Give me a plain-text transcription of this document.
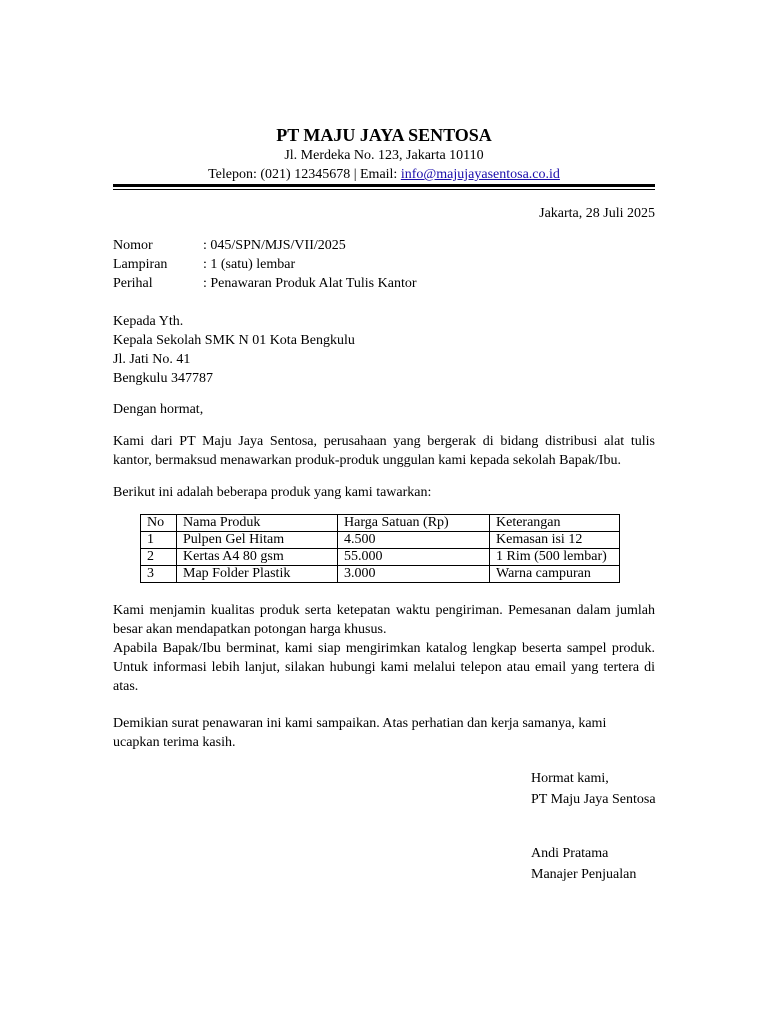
PT MAJU JAYA SENTOSA
Jl. Merdeka No. 123, Jakarta 10110
Telepon: (021) 12345678 | Email: info@majujayasentosa.co.id
Jakarta, 28 Juli 2025
Nomor	: 045/SPN/MJS/VII/2025
Lampiran	: 1 (satu) lembar
Perihal	: Penawaran Produk Alat Tulis Kantor

Kepada Yth.

Kepala Sekolah SMK N 01 Kota Bengkulu

Jl. Jati No. 41

Bengkulu 347787

Dengan hormat,

Kami dari PT Maju Jaya Sentosa, perusahaan yang bergerak di bidang distribusi alat tulis kantor, bermaksud menawarkan produk-produk unggulan kami kepada sekolah Bapak/Ibu.

Berikut ini adalah beberapa produk yang kami tawarkan:

No	Nama Produk	Harga Satuan (Rp)	Keterangan
1	Pulpen Gel Hitam	4.500	Kemasan isi 12
2	Kertas A4 80 gsm	55.000	1 Rim (500 lembar)
3	Map Folder Plastik	3.000	Warna campuran

Kami menjamin kualitas produk serta ketepatan waktu pengiriman. Pemesanan dalam jumlah besar akan mendapatkan potongan harga khusus.

Apabila Bapak/Ibu berminat, kami siap mengirimkan katalog lengkap beserta sampel produk. Untuk informasi lebih lanjut, silakan hubungi kami melalui telepon atau email yang tertera di atas.

Demikian surat penawaran ini kami sampaikan. Atas perhatian dan kerja samanya, kami ucapkan terima kasih.

Hormat kami,

PT Maju Jaya Sentosa

Andi Pratama

Manajer Penjualan
